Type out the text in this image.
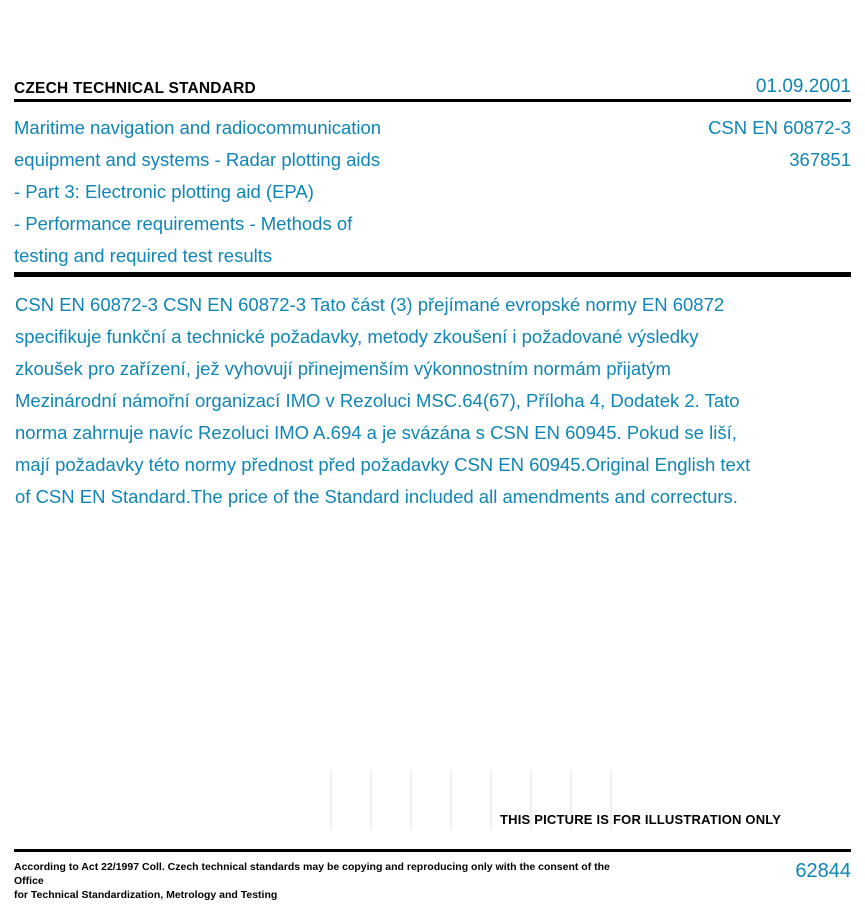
CZECH TECHNICAL STANDARD	01.09.2001
Maritime navigation and radiocommunication
equipment and systems - Radar plotting aids
- Part 3: Electronic plotting aid (EPA)
- Performance requirements - Methods of
testing and required test results
CSN EN 60872-3
367851

CSN EN 60872-3 CSN EN 60872-3 Tato část (3) přejímané evropské normy EN 60872 specifikuje funkční a technické požadavky, metody zkoušení i požadované výsledky zkoušek pro zařízení, jež vyhovují přinejmenším výkonnostním normám přijatým Mezinárodní námořní organizací IMO v Rezoluci MSC.64(67), Příloha 4, Dodatek 2. Tato norma zahrnuje navíc Rezoluci IMO A.694 a je svázána s CSN EN 60945. Pokud se liší, mají požadavky této normy přednost před požadavky CSN EN 60945.Original English text of CSN EN Standard.The price of the Standard included all amendments and correcturs.

THIS PICTURE IS FOR ILLUSTRATION ONLY
According to Act 22/1997 Coll. Czech technical standards may be copying and reproducing only with the consent of the Office
for Technical Standardization, Metrology and Testing
62844
